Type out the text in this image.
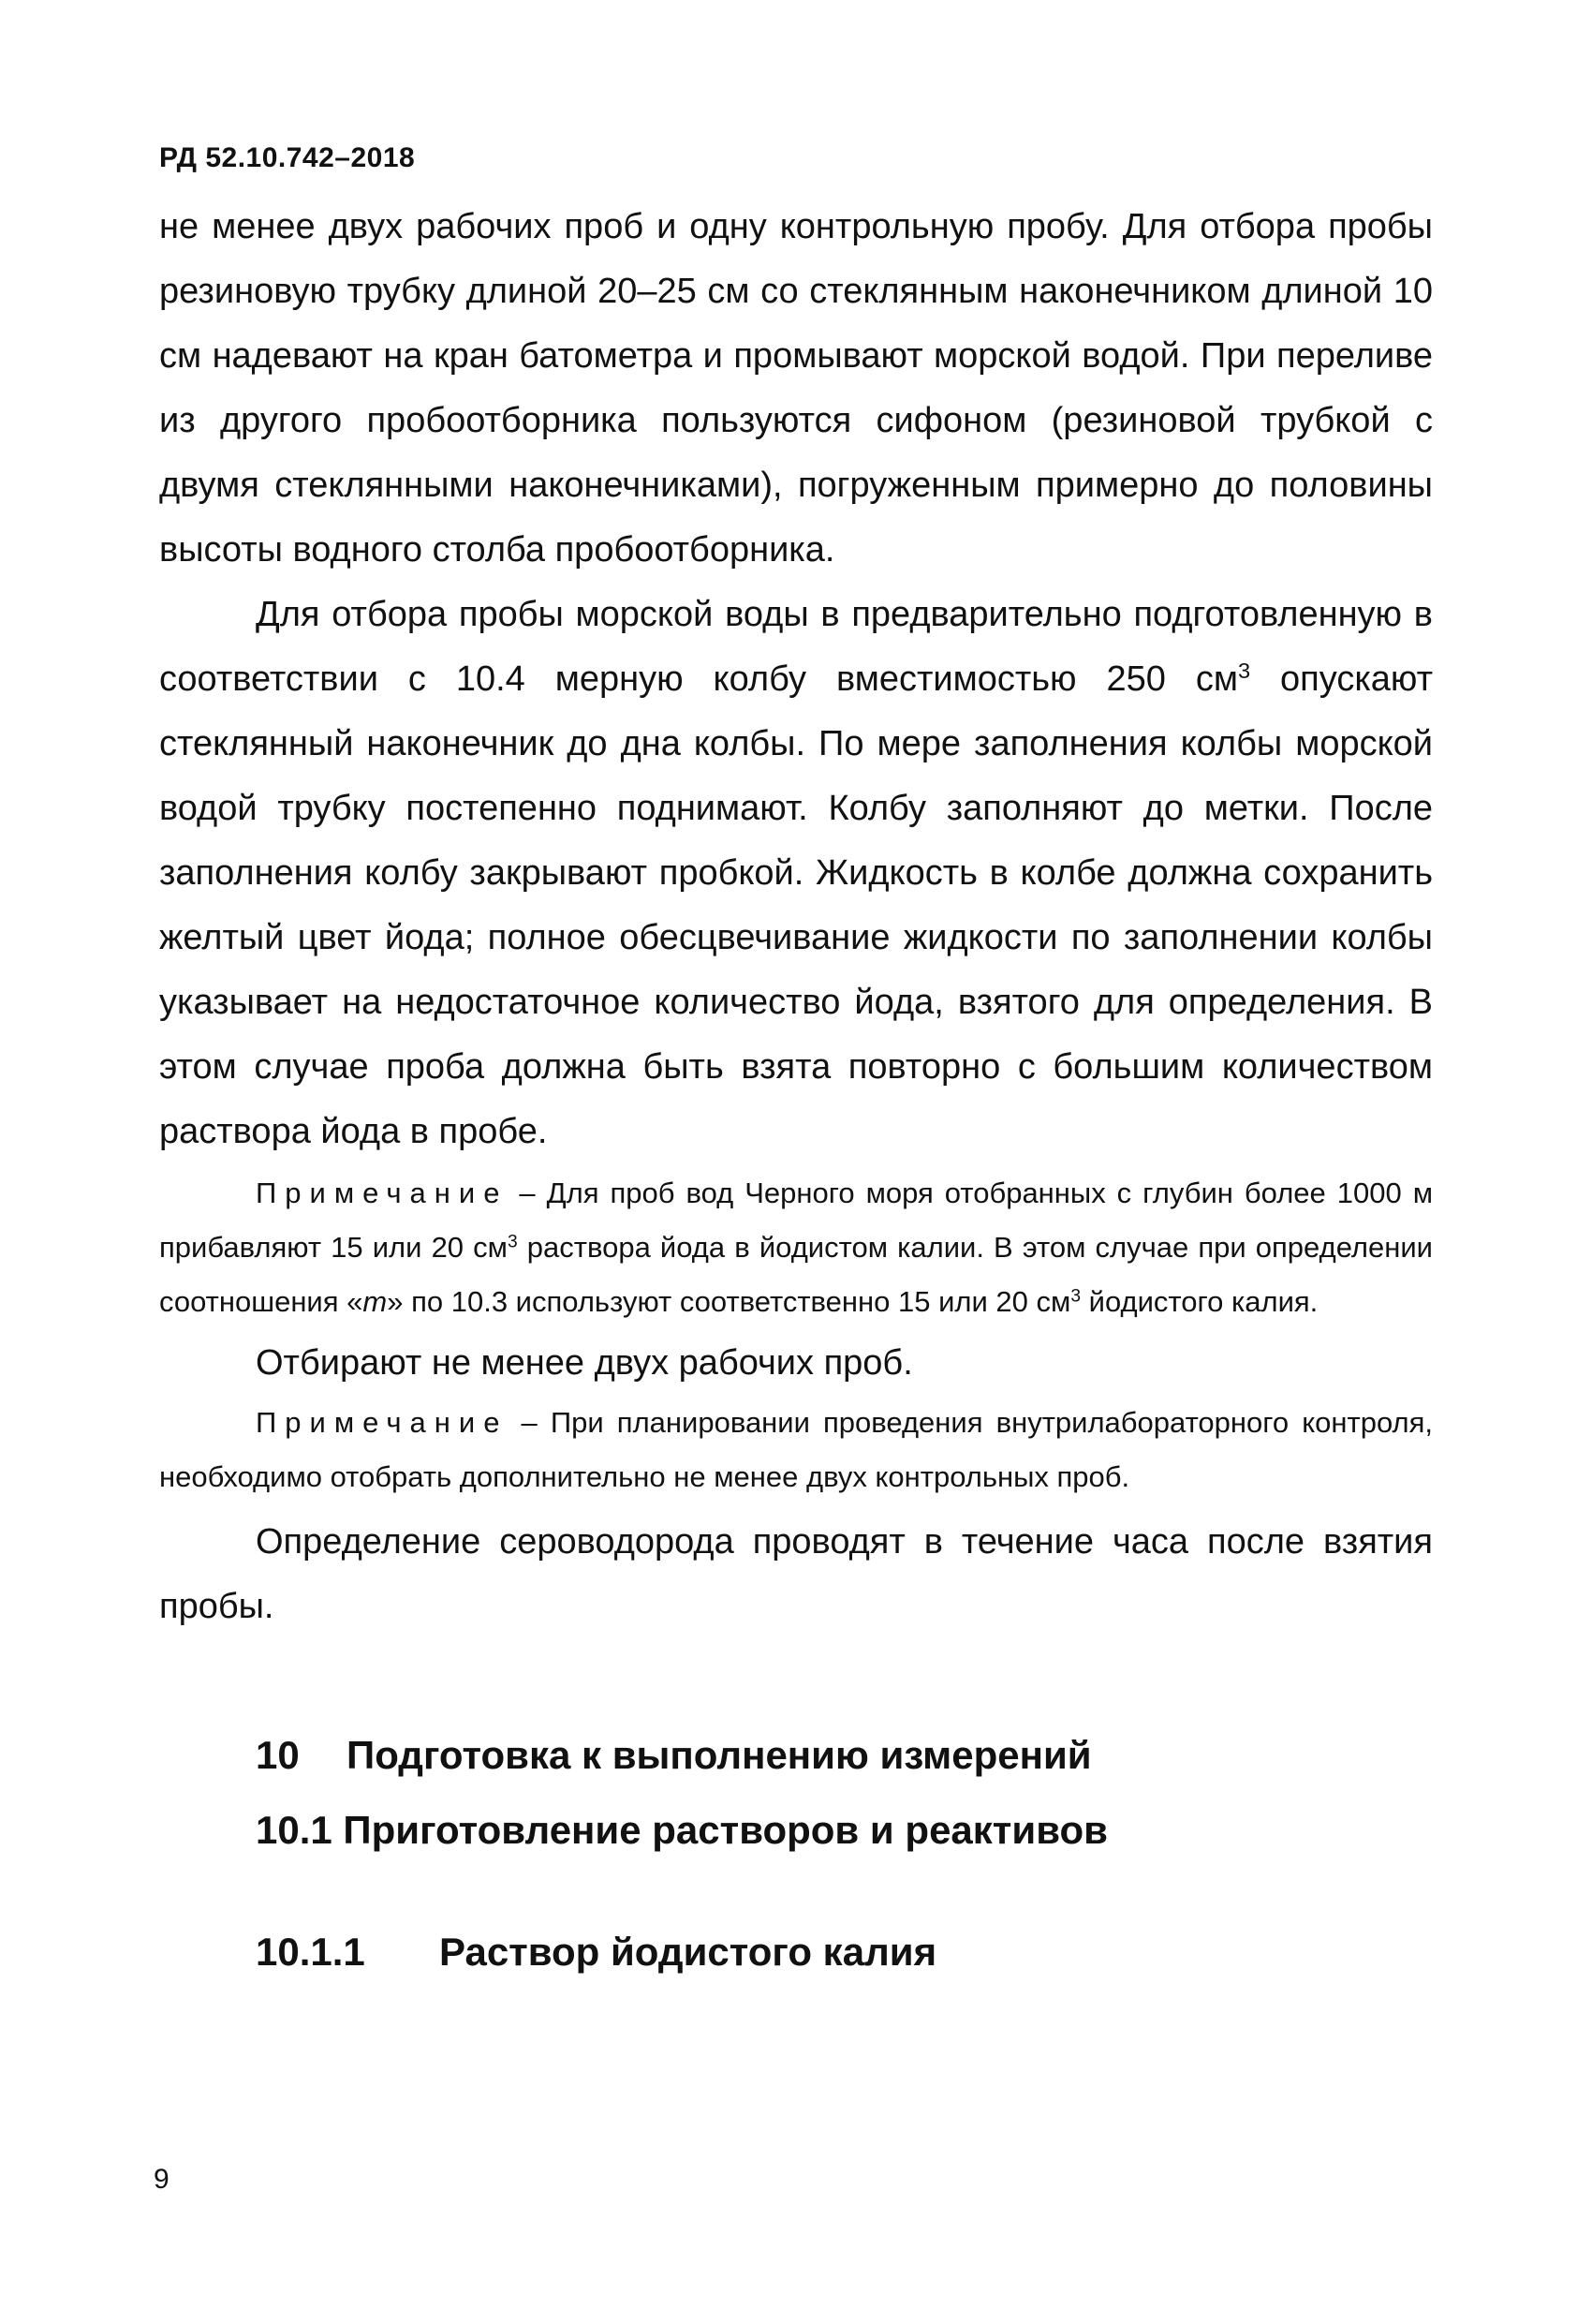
РД 52.10.742–2018

не менее двух рабочих проб и одну контрольную пробу. Для отбора пробы резиновую трубку длиной 20–25 см со стеклянным наконечником длиной 10 см надевают на кран батометра и промывают морской водой. При переливе из другого пробоотборника пользуются сифоном (резиновой трубкой с двумя стеклянными наконечниками), погруженным примерно до половины высоты водного столба пробоотборника.

Для отбора пробы морской воды в предварительно подготовленную в соответствии с 10.4 мерную колбу вместимостью 250 $см^3$ опускают стеклянный наконечник до дна колбы. По мере заполнения колбы морской водой трубку постепенно поднимают. Колбу заполняют до метки. После заполнения колбу закрывают пробкой. Жидкость в колбе должна сохранить желтый цвет йода; полное обесцвечивание жидкости по заполнении колбы указывает на недостаточное количество йода, взятого для определения. В этом случае проба должна быть взята повторно с большим количеством раствора йода в пробе.

Примечание – Для проб вод Черного моря отобранных с глубин более 1000 м прибавляют 15 или 20 $см^3$ раствора йода в йодистом калии. В этом случае при определении соотношения «m» по 10.3 используют соответственно 15 или 20 $см^3$ йодистого калия.

Отбирают не менее двух рабочих проб.

Примечание – При планировании проведения внутрилабораторного контроля, необходимо отобрать дополнительно не менее двух контрольных проб.

Определение сероводорода проводят в течение часа после взятия пробы.

10 Подготовка к выполнению измерений
10.1 Приготовление растворов и реактивов
10.1.1 Раствор йодистого калия
9
